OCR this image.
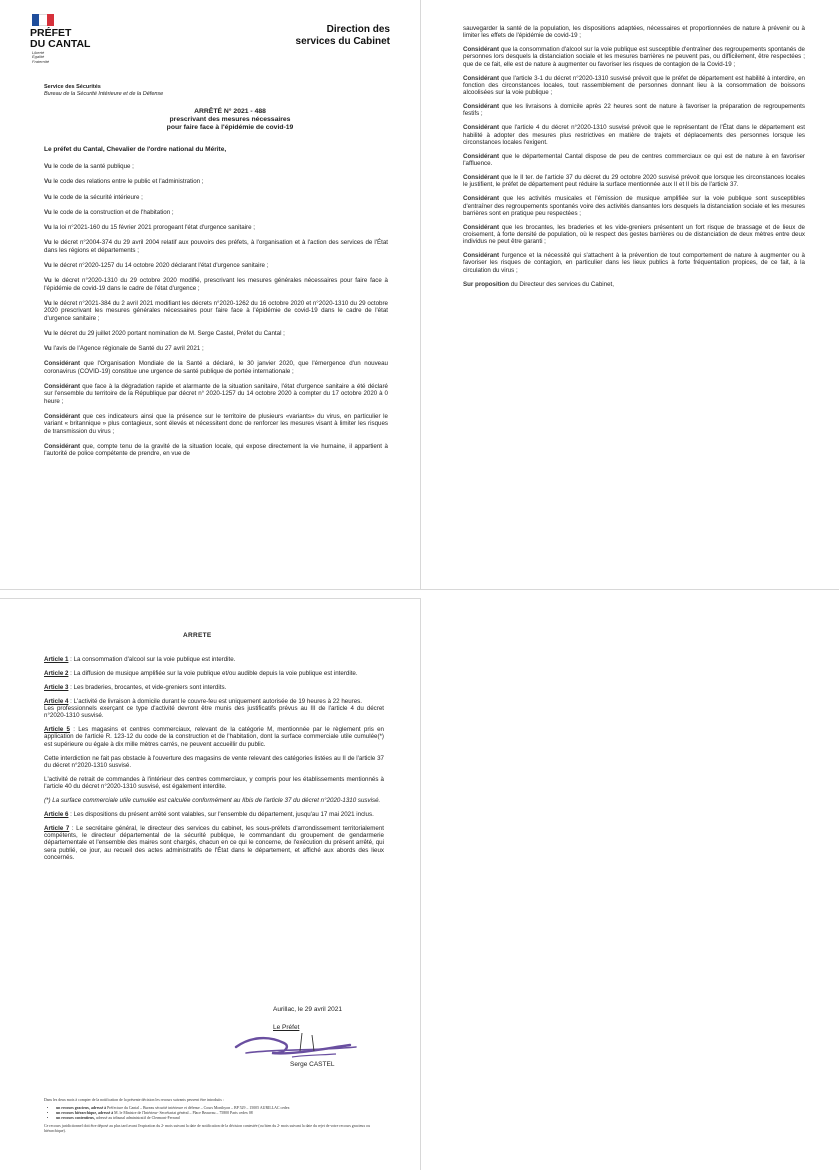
PRÉFET
DU CANTAL
Liberté
Égalité
Fraternité
Direction des
services du Cabinet
Service des Sécurités
Bureau de la Sécurité Intérieure et de la Défense
ARRÊTÉ N° 2021 - 488
prescrivant des mesures nécessaires
pour faire face à l'épidémie de covid-19
Le préfet du Cantal, Chevalier de l'ordre national du Mérite,

Vu le code de la santé publique ;

Vu le code des relations entre le public et l'administration ;

Vu le code de la sécurité intérieure ;

Vu le code de la construction et de l'habitation ;

Vu la loi n°2021-160 du 15 février 2021 prorogeant l'état d'urgence sanitaire ;

Vu le décret n°2004-374 du 29 avril 2004 relatif aux pouvoirs des préfets, à l'organisation et à l'action des services de l'État dans les régions et départements ;

Vu le décret n°2020-1257 du 14 octobre 2020 déclarant l'état d'urgence sanitaire ;

Vu le décret n°2020-1310 du 29 octobre 2020 modifié, prescrivant les mesures générales nécessaires pour faire face à l'épidémie de covid-19 dans le cadre de l'état d'urgence ;

Vu le décret n°2021-384 du 2 avril 2021 modifiant les décrets n°2020-1262 du 16 octobre 2020 et n°2020-1310 du 29 octobre 2020 prescrivant les mesures générales nécessaires pour faire face à l'épidémie de covid-19 dans le cadre de l'état d'urgence sanitaire ;

Vu le décret du 29 juillet 2020 portant nomination de M. Serge Castel, Préfet du Cantal ;

Vu l'avis de l'Agence régionale de Santé du 27 avril 2021 ;

Considérant que l'Organisation Mondiale de la Santé a déclaré, le 30 janvier 2020, que l'émergence d'un nouveau coronavirus (COVID-19) constitue une urgence de santé publique de portée internationale ;

Considérant que face à la dégradation rapide et alarmante de la situation sanitaire, l'état d'urgence sanitaire a été déclaré sur l'ensemble du territoire de la République par décret n° 2020-1257 du 14 octobre 2020 à compter du 17 octobre 2020 à 0 heure ;

Considérant que ces indicateurs ainsi que la présence sur le territoire de plusieurs «variants» du virus, en particulier le variant « britannique » plus contagieux, sont élevés et nécessitent donc de renforcer les mesures visant à limiter les risques de transmission du virus ;

Considérant que, compte tenu de la gravité de la situation locale, qui expose directement la vie humaine, il appartient à l'autorité de police compétente de prendre, en vue de

sauvegarder la santé de la population, les dispositions adaptées, nécessaires et proportionnées de nature à prévenir ou à limiter les effets de l'épidémie de covid-19 ;

Considérant que la consommation d'alcool sur la voie publique est susceptible d'entraîner des regroupements spontanés de personnes lors desquels la distanciation sociale et les mesures barrières ne peuvent pas, ou difficilement, être respectées ; que de ce fait, elle est de nature à augmenter ou favoriser les risques de contagion de la Covid-19 ;

Considérant que l'article 3-1 du décret n°2020-1310 susvisé prévoit que le préfet de département est habilité à interdire, en fonction des circonstances locales, tout rassemblement de personnes donnant lieu à la consommation de boissons alcoolisées sur la voie publique ;

Considérant que les livraisons à domicile après 22 heures sont de nature à favoriser la préparation de regroupements festifs ;

Considérant que l'article 4 du décret n°2020-1310 susvisé prévoit que le représentant de l'État dans le département est habilité à adopter des mesures plus restrictives en matière de trajets et déplacements des personnes lorsque les circonstances locales l'exigent.

Considérant que le départemental Cantal dispose de peu de centres commerciaux ce qui est de nature à en favoriser l'affluence.

Considérant que le II ter. de l'article 37 du décret du 29 octobre 2020 susvisé prévoit que lorsque les circonstances locales le justifient, le préfet de département peut réduire la surface mentionnée aux II et II bis de l'article 37.

Considérant que les activités musicales et l'émission de musique amplifiée sur la voie publique sont susceptibles d'entraîner des regroupements spontanés voire des activités dansantes lors desquels la distanciation sociale et les mesures barrières sont en pratique peu respectées ;

Considérant que les brocantes, les braderies et les vide-greniers présentent un fort risque de brassage et de lieux de croisement, à forte densité de population, où le respect des gestes barrières ou de distanciation de deux mètres entre deux individus ne peut être garanti ;

Considérant l'urgence et la nécessité qui s'attachent à la prévention de tout comportement de nature à augmenter ou à favoriser les risques de contagion, en particulier dans les lieux publics à forte fréquentation propices, de ce fait, à la circulation du virus ;

Sur proposition du Directeur des services du Cabinet,

ARRETE

Article 1 : La consommation d'alcool sur la voie publique est interdite.

Article 2 : La diffusion de musique amplifiée sur la voie publique et/ou audible depuis la voie publique est interdite.

Article 3 : Les braderies, brocantes, et vide-greniers sont interdits.

Article 4 : L'activité de livraison à domicile durant le couvre-feu est uniquement autorisée de 19 heures à 22 heures.

Les professionnels exerçant ce type d'activité devront être munis des justificatifs prévus au III de l'article 4 du décret n°2020-1310 susvisé.

Article 5 : Les magasins et centres commerciaux, relevant de la catégorie M, mentionnée par le règlement pris en application de l'article R. 123-12 du code de la construction et de l'habitation, dont la surface commerciale utile cumulée(*) est supérieure ou égale à dix mille mètres carrés, ne peuvent accueillir du public.

Cette interdiction ne fait pas obstacle à l'ouverture des magasins de vente relevant des catégories listées au II de l'article 37 du décret n°2020-1310 susvisé.

L'activité de retrait de commandes à l'intérieur des centres commerciaux, y compris pour les établissements mentionnés à l'article 40 du décret n°2020-1310 susvisé, est également interdite.

(*) La surface commerciale utile cumulée est calculée conformément au IIbis de l'article 37 du décret n°2020-1310 susvisé.

Article 6 : Les dispositions du présent arrêté sont valables, sur l'ensemble du département, jusqu'au 17 mai 2021 inclus.

Article 7 : Le secrétaire général, le directeur des services du cabinet, les sous-préfets d'arrondissement territorialement compétents, le directeur départemental de la sécurité publique, le commandant du groupement de gendarmerie départementale et l'ensemble des maires sont chargés, chacun en ce qui le concerne, de l'exécution du présent arrêté, qui sera publié, ce jour, au recueil des actes administratifs de l'État dans le département, et affiché aux abords des lieux concernés.

Aurillac, le 29 avril 2021
Le Préfet
Serge CASTEL

Dans les deux mois à compter de la notification de la présente décision les recours suivants peuvent être introduits :

• un recours gracieux, adressé à Préfecture du Cantal – Bureau sécurité intérieure et défense – Cours Monthyon – BP 529 – 15005 AURILLAC cedex
• un recours hiérarchique, adressé à M. le Ministre de l'Intérieur- Secrétariat général – Place Beauvau – 75800 Paris cedex 08
• un recours contentieux, adressé au tribunal administratif de Clermont-Ferrand

Ce recours juridictionnel doit être déposé au plus tard avant l'expiration du 2ᵉ mois suivant la date de notification de la décision contestée (ou bien du 2ᵉ mois suivant la date du rejet de votre recours gracieux ou hiérarchique).
